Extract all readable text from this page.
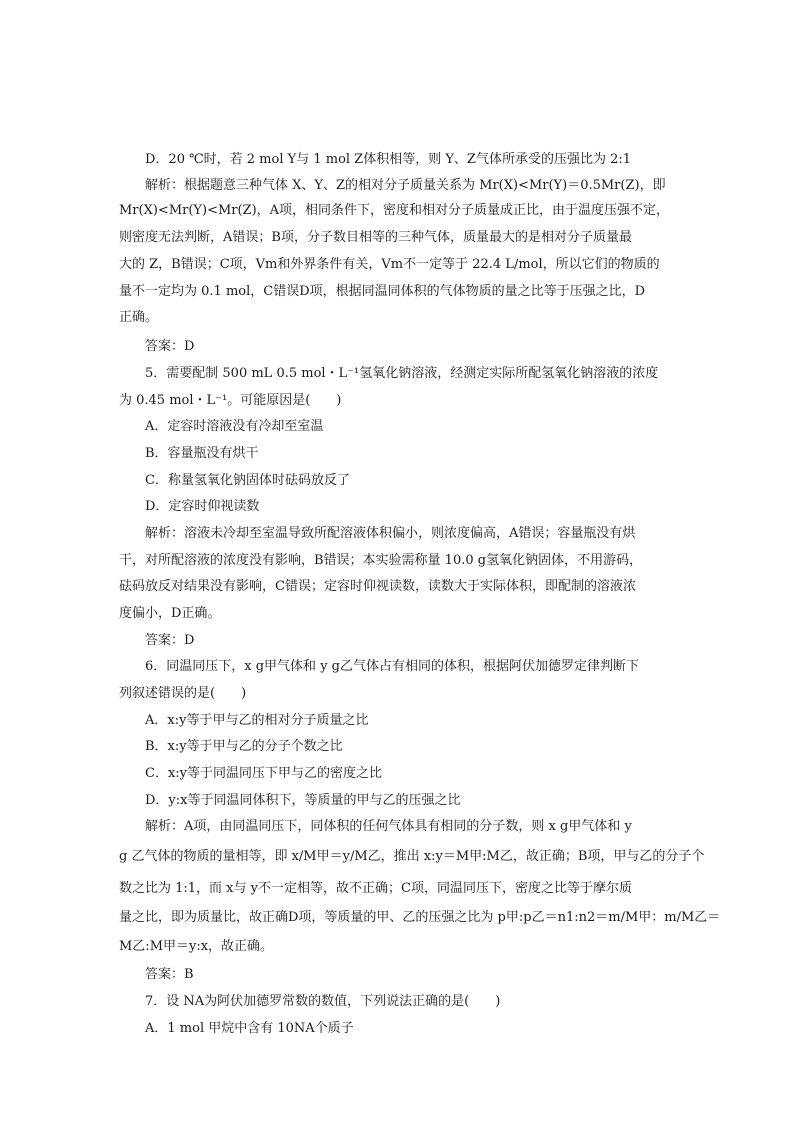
D．20 ℃时，若 2 mol Y与 1 mol Z体积相等，则 Y、Z气体所承受的压强比为 2:1
解析：根据题意三种气体 X、Y、Z的相对分子质量关系为 Mr(X)<Mr(Y)＝0.5Mr(Z)，即
Mr(X)<Mr(Y)<Mr(Z)，A项，相同条件下，密度和相对分子质量成正比，由于温度压强不定，
则密度无法判断，A错误；B项，分子数目相等的三种气体，质量最大的是相对分子质量最
大的 Z，B错误；C项，Vm和外界条件有关，Vm不一定等于 22.4 L/mol，所以它们的物质的
量不一定均为 0.1 mol，C错误D项，根据同温同体积的气体物质的量之比等于压强之比，D
正确。
答案：D
5．需要配制 500 mL 0.5 mol・L⁻¹氢氧化钠溶液，经测定实际所配氢氧化钠溶液的浓度
为 0.45 mol・L⁻¹。可能原因是(　　)
A．定容时溶液没有冷却至室温
B．容量瓶没有烘干
C．称量氢氧化钠固体时砝码放反了
D．定容时仰视读数
解析：溶液未冷却至室温导致所配溶液体积偏小，则浓度偏高，A错误；容量瓶没有烘
干，对所配溶液的浓度没有影响，B错误；本实验需称量 10.0 g氢氧化钠固体，不用游码，
砝码放反对结果没有影响，C错误；定容时仰视读数，读数大于实际体积，即配制的溶液浓
度偏小，D正确。
答案：D
6．同温同压下，x g甲气体和 y g乙气体占有相同的体积，根据阿伏加德罗定律判断下
列叙述错误的是(　　)
A．x:y等于甲与乙的相对分子质量之比
B．x:y等于甲与乙的分子个数之比
C．x:y等于同温同压下甲与乙的密度之比
D．y:x等于同温同体积下，等质量的甲与乙的压强之比
解析：A项，由同温同压下，同体积的任何气体具有相同的分子数，则 x g甲气体和 y
g 乙气体的物质的量相等，即 x/M甲＝y/M乙，推出 x:y＝M甲:M乙，故正确；B项，甲与乙的分子个
数之比为 1:1，而 x与 y不一定相等，故不正确；C项，同温同压下，密度之比等于摩尔质
量之比，即为质量比，故正确D项，等质量的甲、乙的压强之比为 p甲:p乙＝n1:n2＝m/M甲：m/M乙＝
M乙:M甲＝y:x，故正确。
答案：B
7．设 NA为阿伏加德罗常数的数值，下列说法正确的是(　　)
A．1 mol 甲烷中含有 10NA个质子
